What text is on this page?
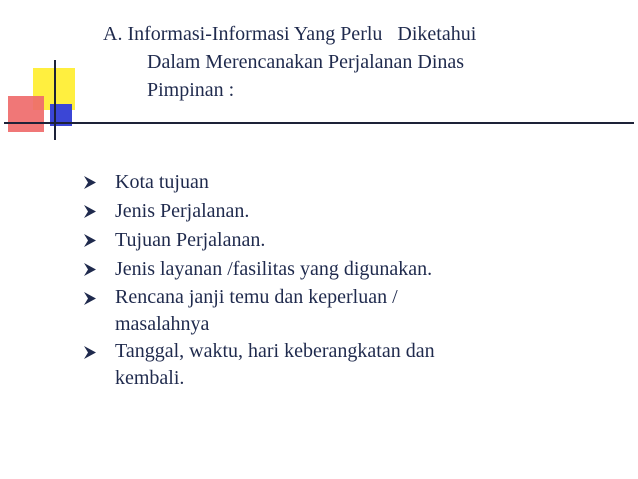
A. Informasi-Informasi Yang Perlu   Diketahui
Dalam Merencanakan Perjalanan Dinas
Pimpinan :
Kota tujuan
Jenis Perjalanan.
Tujuan Perjalanan.
Jenis layanan /fasilitas yang digunakan.
Rencana janji temu dan keperluan /
masalahnya
Tanggal, waktu, hari keberangkatan dan
kembali.
